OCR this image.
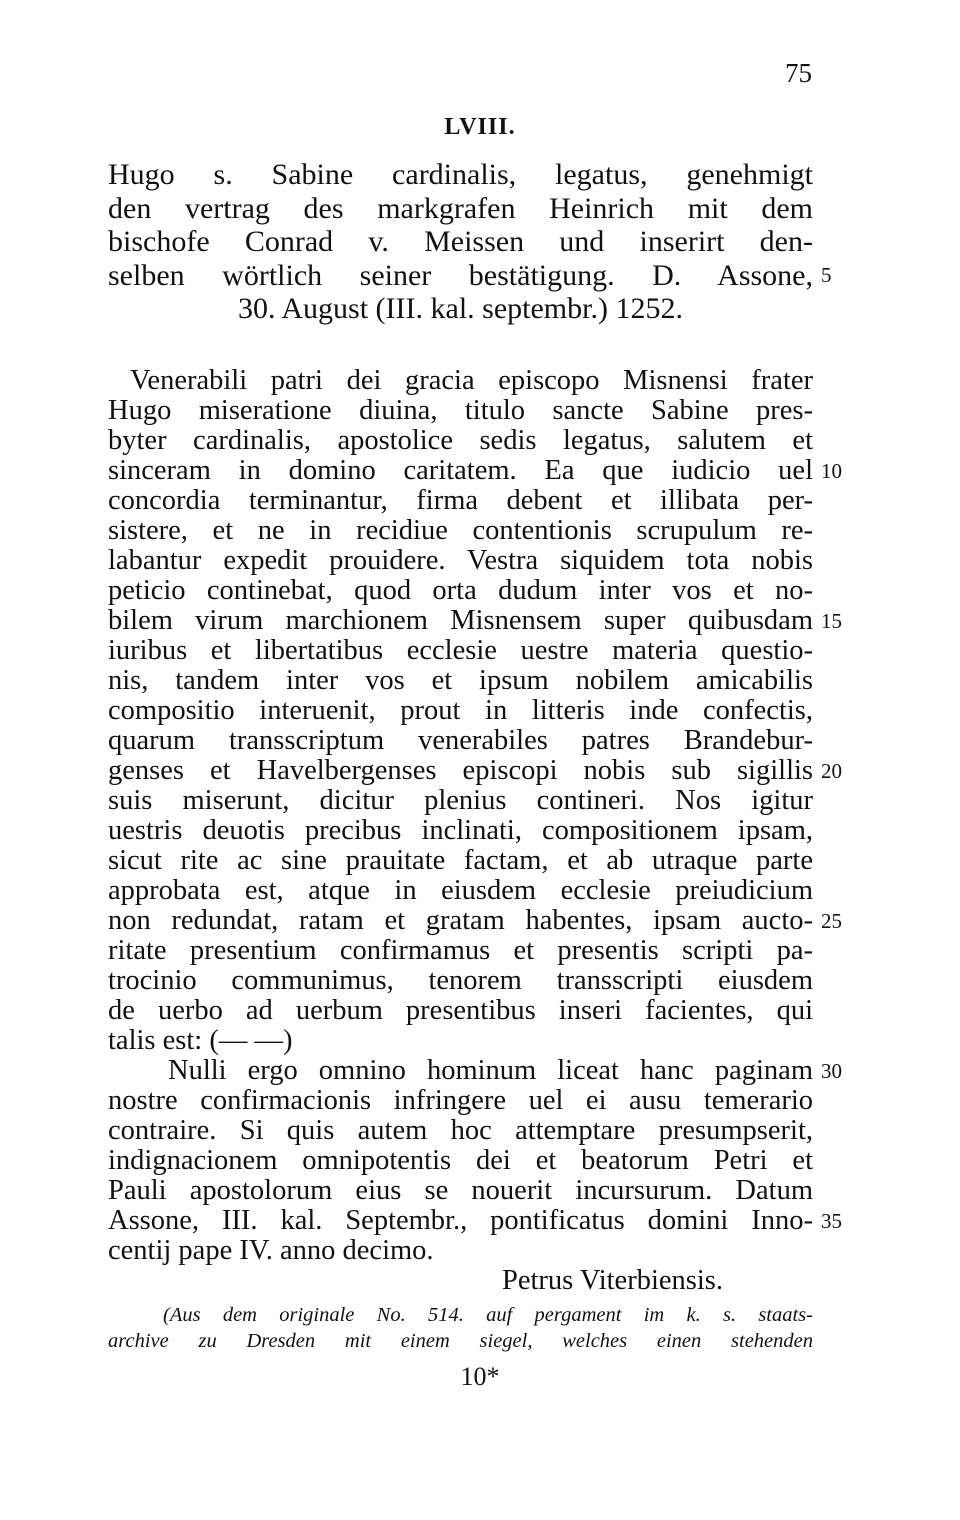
75
LVIII.
Hugo s. Sabine cardinalis, legatus, genehmigt
den vertrag des markgrafen Heinrich mit dem
bischofe Conrad v. Meissen und inserirt den-
selben wörtlich seiner bestätigung. D. Assone, 5
30. August (III. kal. septembr.) 1252.
Venerabili patri dei gracia episcopo Misnensi frater
Hugo miseratione diuina, titulo sancte Sabine pres-
byter cardinalis, apostolice sedis legatus, salutem et
sinceram in domino caritatem. Ea que iudicio uel 10
concordia terminantur, firma debent et illibata per-
sistere, et ne in recidiue contentionis scrupulum re-
labantur expedit prouidere. Vestra siquidem tota nobis
peticio continebat, quod orta dudum inter vos et no-
bilem virum marchionem Misnensem super quibusdam 15
iuribus et libertatibus ecclesie uestre materia questio-
nis, tandem inter vos et ipsum nobilem amicabilis
compositio interuenit, prout in litteris inde confectis,
quarum transscriptum venerabiles patres Brandebur-
genses et Havelbergenses episcopi nobis sub sigillis 20
suis miserunt, dicitur plenius contineri. Nos igitur
uestris deuotis precibus inclinati, compositionem ipsam,
sicut rite ac sine prauitate factam, et ab utraque parte
approbata est, atque in eiusdem ecclesie preiudicium
non redundat, ratam et gratam habentes, ipsam aucto- 25
ritate presentium confirmamus et presentis scripti pa-
trocinio communimus, tenorem transscripti eiusdem
de uerbo ad uerbum presentibus inseri facientes, qui
talis est: (— —)
Nulli ergo omnino hominum liceat hanc paginam 30
nostre confirmacionis infringere uel ei ausu temerario
contraire. Si quis autem hoc attemptare presumpserit,
indignacionem omnipotentis dei et beatorum Petri et
Pauli apostolorum eius se nouerit incursurum. Datum
Assone, III. kal. Septembr., pontificatus domini Inno- 35
centij pape IV. anno decimo.
Petrus Viterbiensis.
(Aus dem originale No. 514. auf pergament im k. s. staats-
archive zu Dresden mit einem siegel, welches einen stehenden
10*
